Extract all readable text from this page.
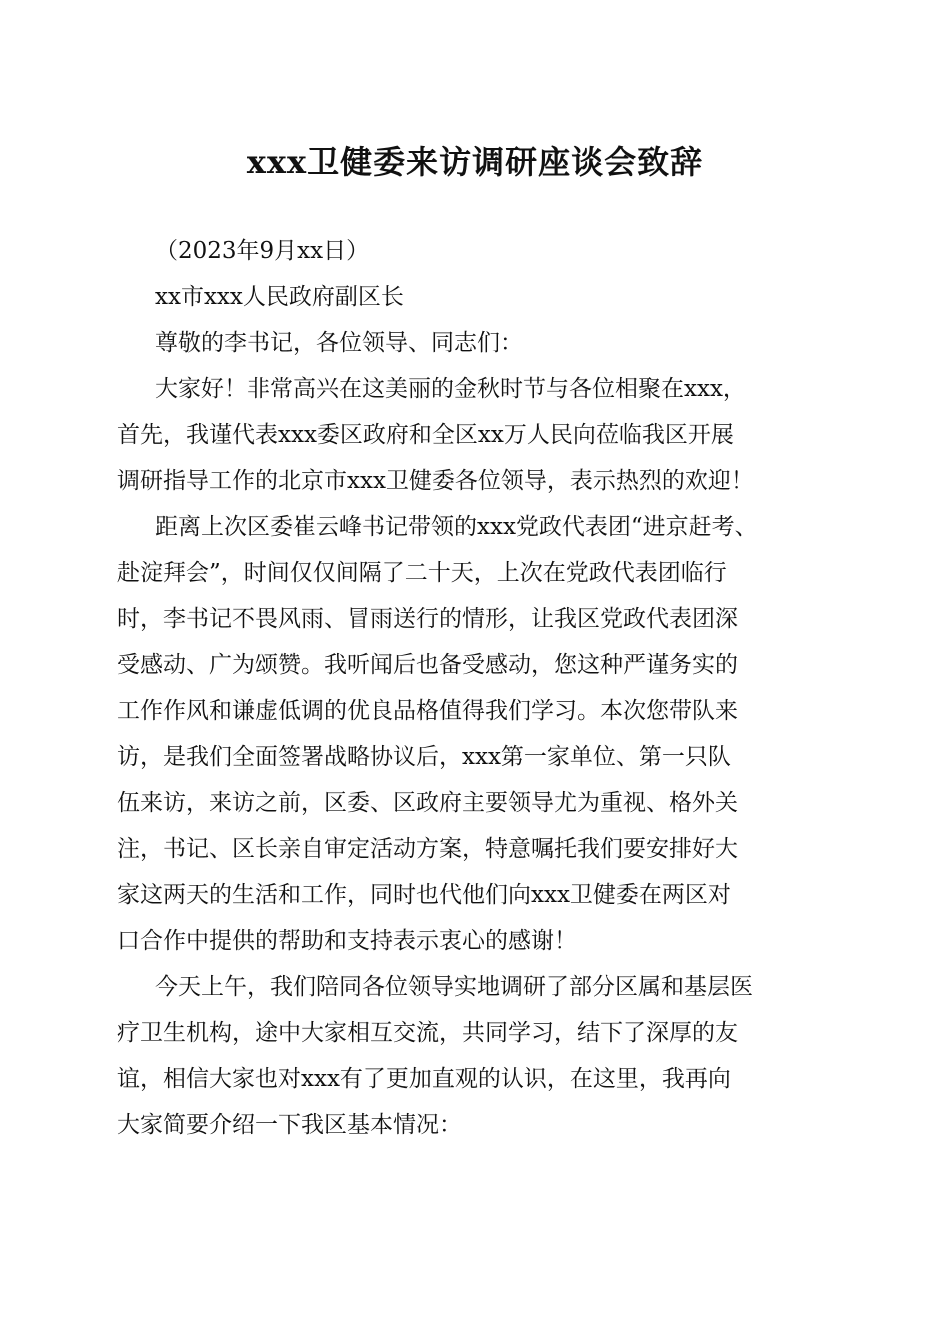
xxx卫健委来访调研座谈会致辞
（2023年9月xx日）
xx市xxx人民政府副区长
尊敬的李书记，各位领导、同志们：
大家好！非常高兴在这美丽的金秋时节与各位相聚在xxx，
首先，我谨代表xxx委区政府和全区xx万人民向莅临我区开展
调研指导工作的北京市xxx卫健委各位领导，表示热烈的欢迎！
距离上次区委崔云峰书记带领的xxx党政代表团“进京赶考、
赴淀拜会”，时间仅仅间隔了二十天，上次在党政代表团临行
时，李书记不畏风雨、冒雨送行的情形，让我区党政代表团深
受感动、广为颂赞。我听闻后也备受感动，您这种严谨务实的
工作作风和谦虚低调的优良品格值得我们学习。本次您带队来
访，是我们全面签署战略协议后，xxx第一家单位、第一只队
伍来访，来访之前，区委、区政府主要领导尤为重视、格外关
注，书记、区长亲自审定活动方案，特意嘱托我们要安排好大
家这两天的生活和工作，同时也代他们向xxx卫健委在两区对
口合作中提供的帮助和支持表示衷心的感谢！
今天上午，我们陪同各位领导实地调研了部分区属和基层医
疗卫生机构，途中大家相互交流，共同学习，结下了深厚的友
谊，相信大家也对xxx有了更加直观的认识，在这里，我再向
大家简要介绍一下我区基本情况：
